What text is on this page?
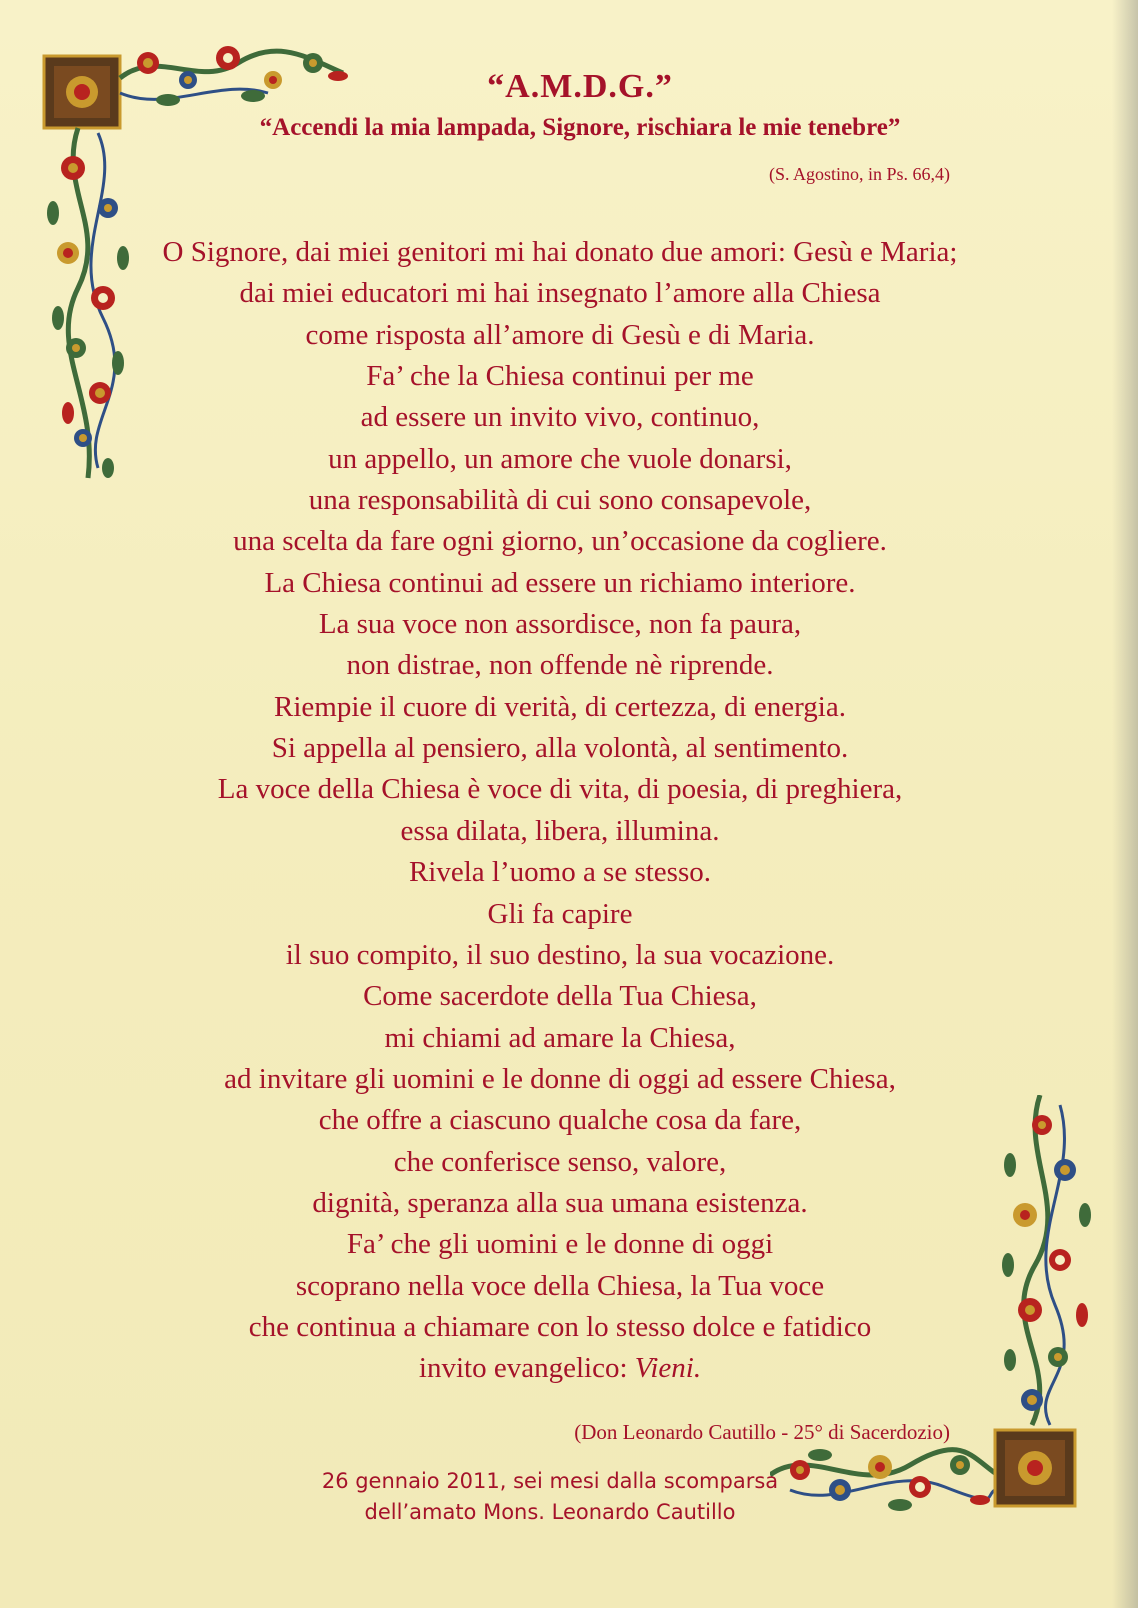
“A.M.D.G.”

“Accendi la mia lampada, Signore, rischiara le mie tenebre”

(S. Agostino, in Ps. 66,4)
O Signore, dai miei genitori mi hai donato due amori: Gesù e Maria;
dai miei educatori mi hai insegnato l’amore alla Chiesa
come risposta all’amore di Gesù e di Maria.
Fa’ che la Chiesa continui per me
ad essere un invito vivo, continuo,
un appello, un amore che vuole donarsi,
una responsabilità di cui sono consapevole,
una scelta da fare ogni giorno, un’occasione da cogliere.
La Chiesa continui ad essere un richiamo interiore.
La sua voce non assordisce, non fa paura,
non distrae, non offende nè riprende.
Riempie il cuore di verità, di certezza, di energia.
Si appella al pensiero, alla volontà, al sentimento.
La voce della Chiesa è voce di vita, di poesia, di preghiera,
essa dilata, libera, illumina.
Rivela l’uomo a se stesso.
Gli fa capire
il suo compito, il suo destino, la sua vocazione.
Come sacerdote della Tua Chiesa,
mi chiami ad amare la Chiesa,
ad invitare gli uomini e le donne di oggi ad essere Chiesa,
che offre a ciascuno qualche cosa da fare,
che conferisce senso, valore,
dignità, speranza alla sua umana esistenza.
Fa’ che gli uomini e le donne di oggi
scoprano nella voce della Chiesa, la Tua voce
che continua a chiamare con lo stesso dolce e fatidico
invito evangelico: Vieni.
(Don Leonardo Cautillo - 25° di Sacerdozio)
26 gennaio 2011, sei mesi dalla scomparsa
dell’amato Mons. Leonardo Cautillo
